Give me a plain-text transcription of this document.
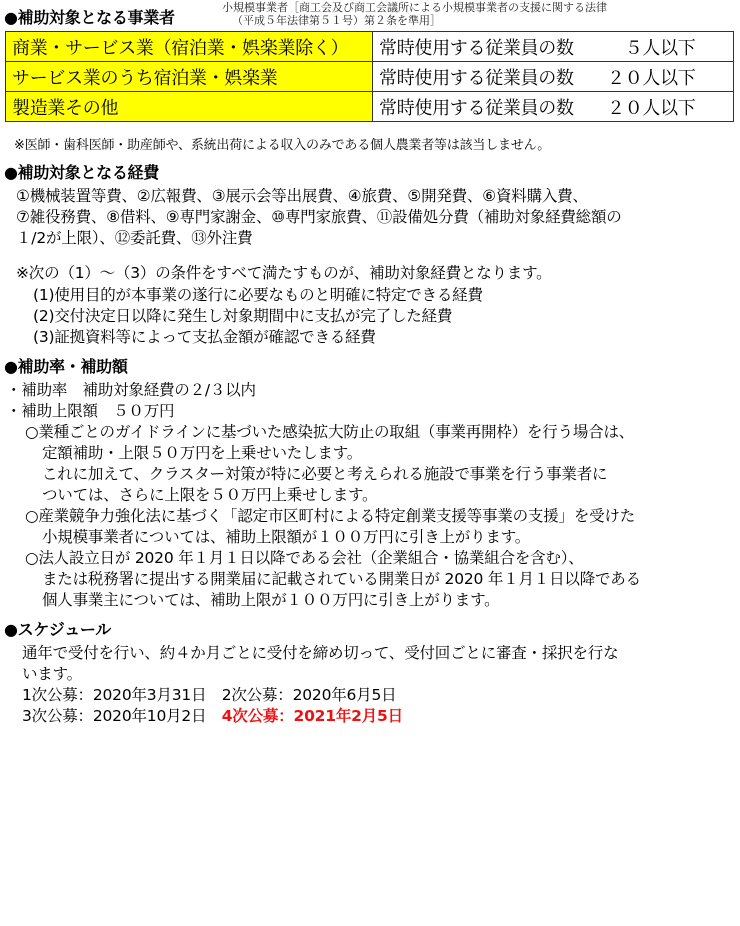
●補助対象となる事業者
小規模事業者［商工会及び商工会議所による小規模事業者の支援に関する法律
（平成５年法律第５１号）第２条を準用］
商業・サービス業（宿泊業・娯楽業除く）	常時使用する従業員の数　５人以下
サービス業のうち宿泊業・娯楽業	常時使用する従業員の数 ２０人以下
製造業その他	常時使用する従業員の数 ２０人以下
※医師・歯科医師・助産師や、系統出荷による収入のみである個人農業者等は該当しません。
●補助対象となる経費
①機械装置等費、②広報費、③展示会等出展費、④旅費、⑤開発費、⑥資料購入費、
⑦雑役務費、⑧借料、⑨専門家謝金、⑩専門家旅費、⑪設備処分費（補助対象経費総額の
１/2が上限）、⑫委託費、⑬外注費
※次の（1）～（3）の条件をすべて満たすものが、補助対象経費となります。
(1)使用目的が本事業の遂行に必要なものと明確に特定できる経費
(2)交付決定日以降に発生し対象期間中に支払が完了した経費
(3)証拠資料等によって支払金額が確認できる経費
●補助率・補助額
・補助率　補助対象経費の２/３以内
・補助上限額　５０万円
○業種ごとのガイドラインに基づいた感染拡大防止の取組（事業再開枠）を行う場合は、
定額補助・上限５０万円を上乗せいたします。
これに加えて、クラスター対策が特に必要と考えられる施設で事業を行う事業者に
ついては、さらに上限を５０万円上乗せします。
○産業競争力強化法に基づく「認定市区町村による特定創業支援等事業の支援」を受けた
小規模事業者については、補助上限額が１００万円に引き上がります。
○法人設立日が 2020 年１月１日以降である会社（企業組合・協業組合を含む）、
または税務署に提出する開業届に記載されている開業日が 2020 年１月１日以降である
個人事業主については、補助上限が１００万円に引き上がります。
●スケジュール
通年で受付を行い、約４か月ごとに受付を締め切って、受付回ごとに審査・採択を行な
います。
1次公募：2020年3月31日　 2次公募：2020年6月5日
3次公募：2020年10月2日　 4次公募：2021年2月5日
